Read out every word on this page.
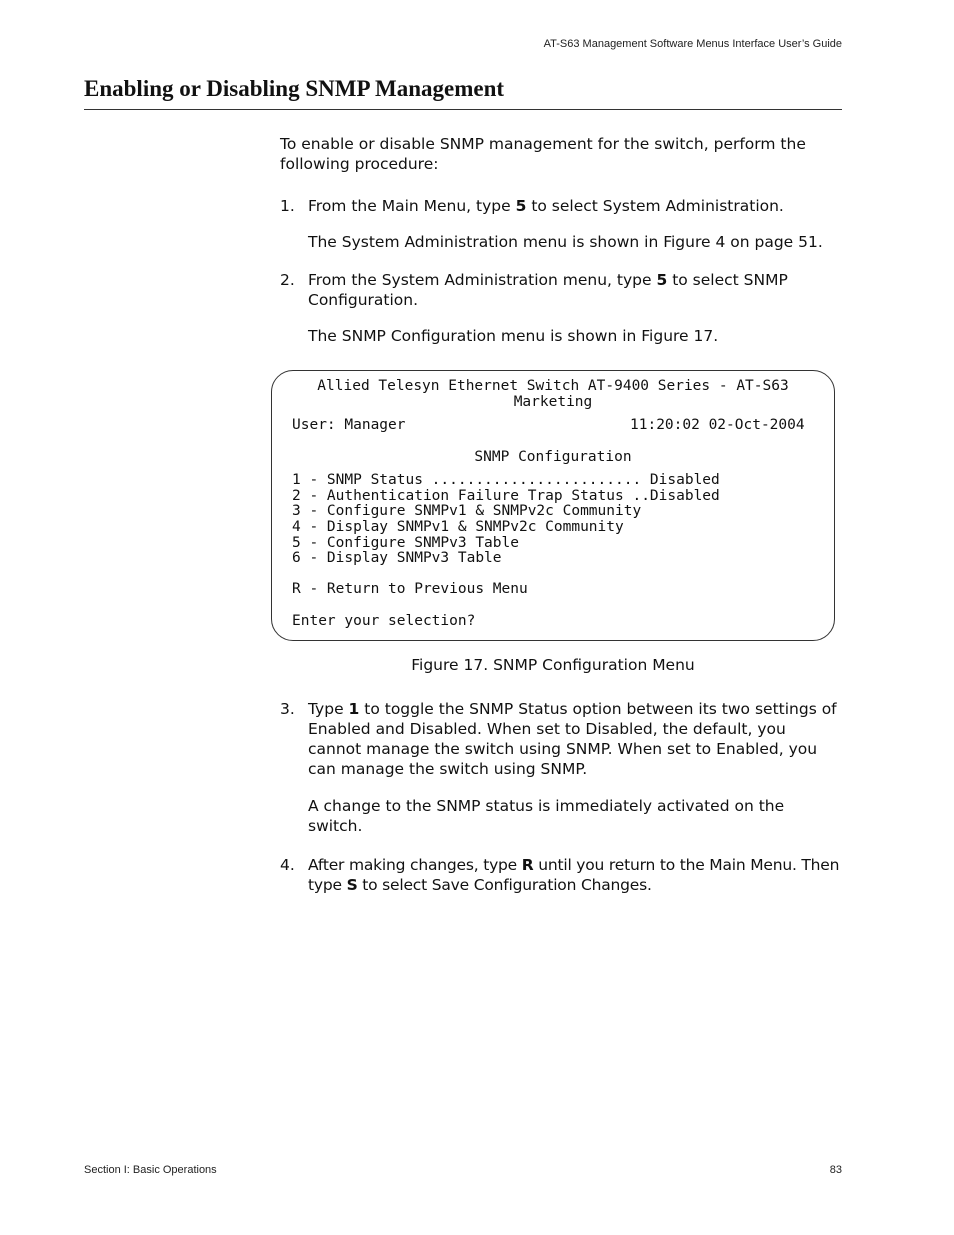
AT-S63 Management Software Menus Interface User’s Guide
Enabling or Disabling SNMP Management

To enable or disable SNMP management for the switch, perform the following procedure:

1. From the Main Menu, type 5 to select System Administration.

The System Administration menu is shown in Figure 4 on page 51.

2. From the System Administration menu, type 5 to select SNMP Configuration.

The SNMP Configuration menu is shown in Figure 17.

Allied Telesyn Ethernet Switch AT-9400 Series - AT-S63
Marketing
User: Manager	11:20:02 02-Oct-2004
SNMP Configuration
1 - SNMP Status ........................ Disabled
2 - Authentication Failure Trap Status ..Disabled
3 - Configure SNMPv1 & SNMPv2c Community
4 - Display SNMPv1 & SNMPv2c Community
5 - Configure SNMPv3 Table
6 - Display SNMPv3 Table
R - Return to Previous Menu
Enter your selection?
Figure 17. SNMP Configuration Menu
3. Type 1 to toggle the SNMP Status option between its two settings of Enabled and Disabled. When set to Disabled, the default, you cannot manage the switch using SNMP. When set to Enabled, you can manage the switch using SNMP.

A change to the SNMP status is immediately activated on the switch.

4. After making changes, type R until you return to the Main Menu. Then type S to select Save Configuration Changes.
Section I: Basic Operations	83
